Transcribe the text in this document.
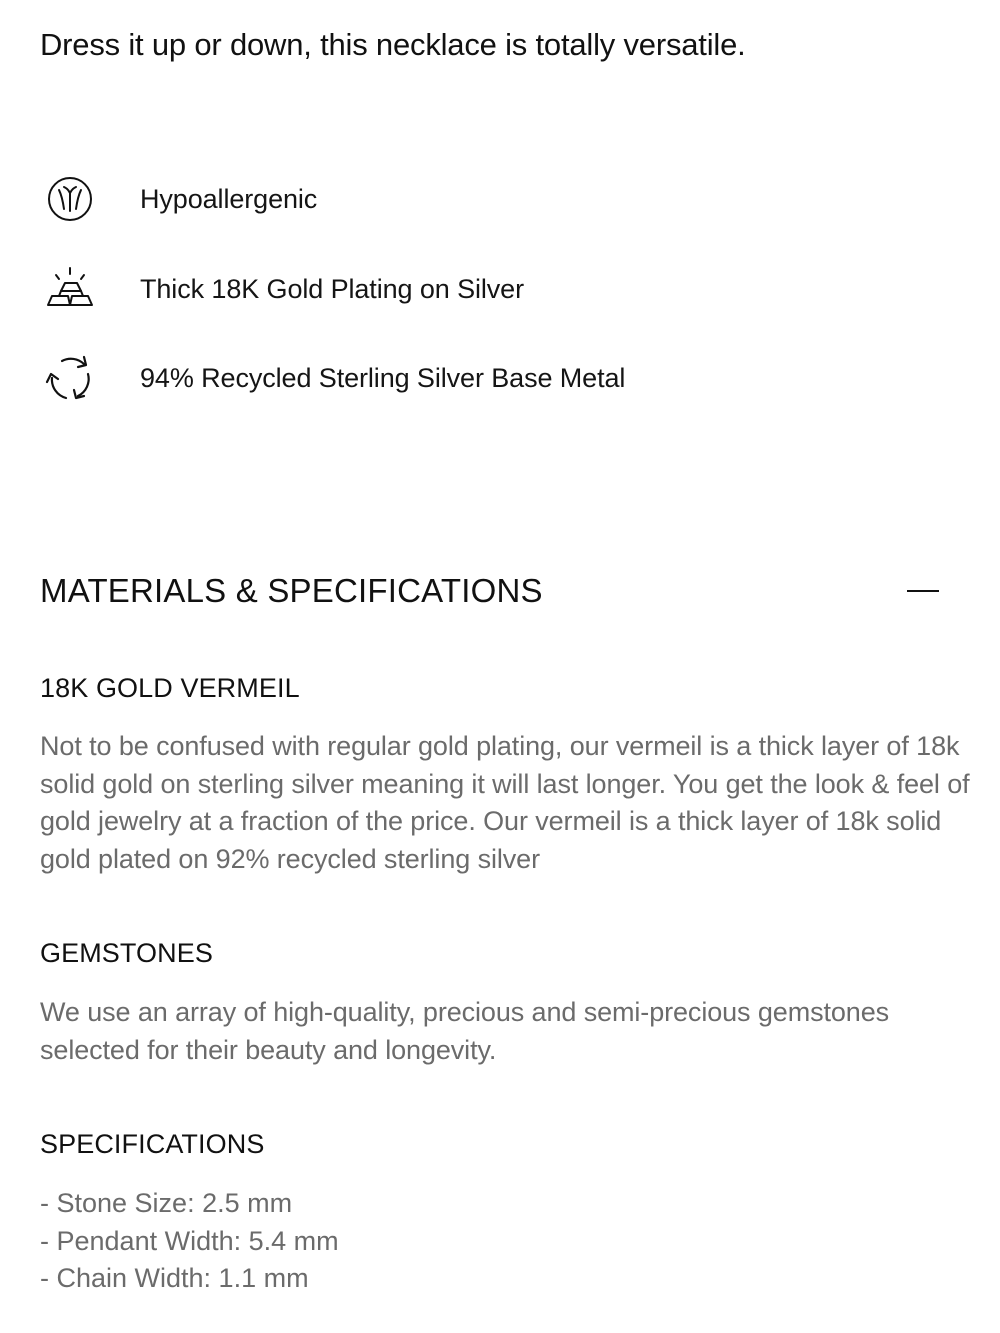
Dress it up or down, this necklace is totally versatile.
Hypoallergenic
Thick 18K Gold Plating on Silver
94% Recycled Sterling Silver Base Metal
MATERIALS & SPECIFICATIONS
18K GOLD VERMEIL
Not to be confused with regular gold plating, our vermeil is a thick layer of 18k solid gold on sterling silver meaning it will last longer. You get the look & feel of gold jewelry at a fraction of the price. Our vermeil is a thick layer of 18k solid gold plated on 92% recycled sterling silver
GEMSTONES
We use an array of high-quality, precious and semi-precious gemstones selected for their beauty and longevity.
SPECIFICATIONS
- Stone Size: 2.5 mm
- Pendant Width: 5.4 mm
- Chain Width: 1.1 mm
